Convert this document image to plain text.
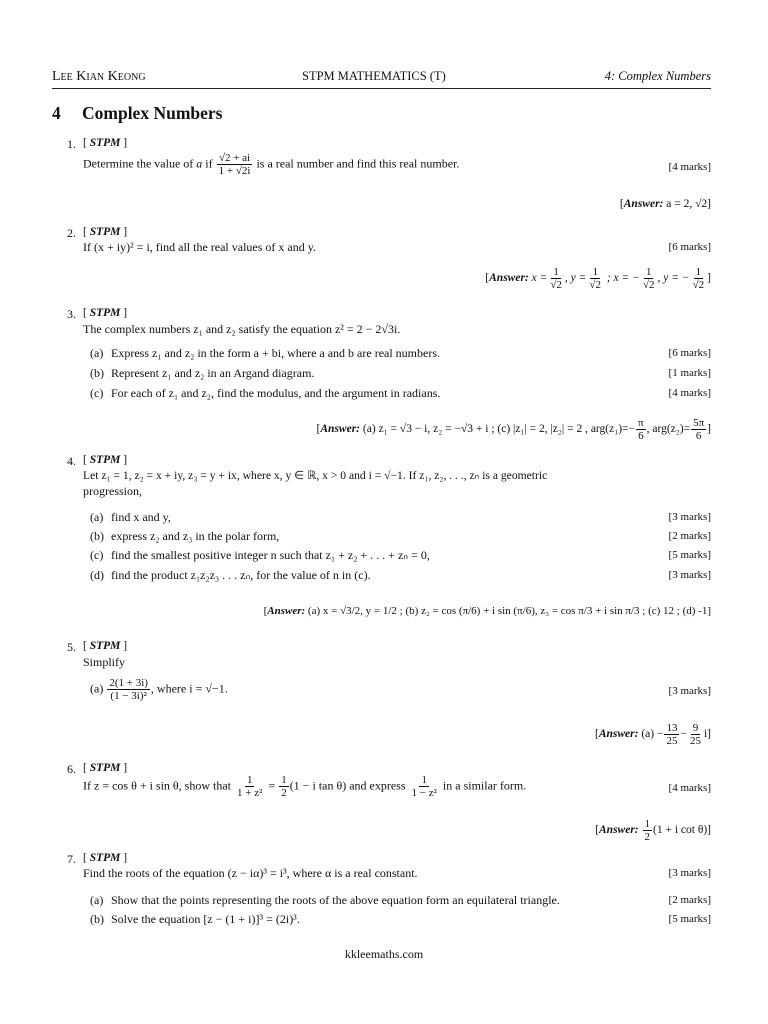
Lee Kian Keong	STPM MATHEMATICS (T)	4: Complex Numbers
4 Complex Numbers
1. [ STPM ]
Determine the value of a if $\frac{√2 + ai}{1 + √2i}$ is a real number and find this real number.	[4 marks]
[Answer: a = 2, √2]
2. [ STPM ]
If (x + iy)² = i, find all the real values of x and y.	[6 marks]
[Answer: $x = \frac{1}{√2}$ , $y = \frac{1}{√2}$ ; x = − $\frac{1}{√2}$ , y = − $\frac{1}{√2}$ ]
3. [ STPM ]
The complex numbers z₁ and z₂ satisfy the equation z² = 2 − 2√3i.
(a) Express z₁ and z₂ in the form a + bi, where a and b are real numbers.	[6 marks]
(b) Represent z₁ and z₂ in an Argand diagram.	[1 marks]
(c) For each of z₁ and z₂, find the modulus, and the argument in radians.	[4 marks]
[Answer: (a) z₁ = √3 − i, z₂ = −√3 + i ; (c) |z₁| = 2, |z₂| = 2 , $arg(z_1)=- \frac{\pi}{6}$ , $arg(z_2)= \frac{5\pi}{6}$ ]
4. [ STPM ]
Let z₁ = 1, z₂ = x + iy, z₃ = y + ix, where x, y ∈ ℝ, x > 0 and i = √−1. If z₁, z₂, . . ., zₙ is a geometric
progression,
(a) find x and y,	[3 marks]
(b) express z₂ and z₃ in the polar form,	[2 marks]
(c) find the smallest positive integer n such that z₁ + z₂ + . . . + zₙ = 0,	[5 marks]
(d) find the product z₁z₂z₃ . . . zₙ, for the value of n in (c).	[3 marks]
[Answer: (a) x = √3/2, y = 1/2 ; (b) z₂ = cos (π/6) + i sin (π/6), z₃ = cos π/3 + i sin π/3 ; (c) 12 ; (d) -1]
5. [ STPM ]
Simplify
$(a) \frac{2(1 + 3i)}{\text{(1 − 3i)²}}$ , where i = √−1.	[3 marks]
[Answer: $(a) - \frac{13}{25} - \frac{9}{25} i$]
6. [ STPM ]
If z = cos θ + i sin θ, show that $\frac{1}{\text{1 + z²}} = \frac{1}{2} (1 - i$ tan θ) and express $\frac{1}{\text{1 − z²}}$ in a similar form.	[4 marks]
[Answer: $\frac{1}{2} (1 + i$ cot θ)]
7. [ STPM ]
Find the roots of the equation (z − iα)³ = i³, where α is a real constant.	[3 marks]
(a) Show that the points representing the roots of the above equation form an equilateral triangle.	[2 marks]
(b) Solve the equation [z − (1 + i)]³ = (2i)³.	[5 marks]
kkleemaths.com
